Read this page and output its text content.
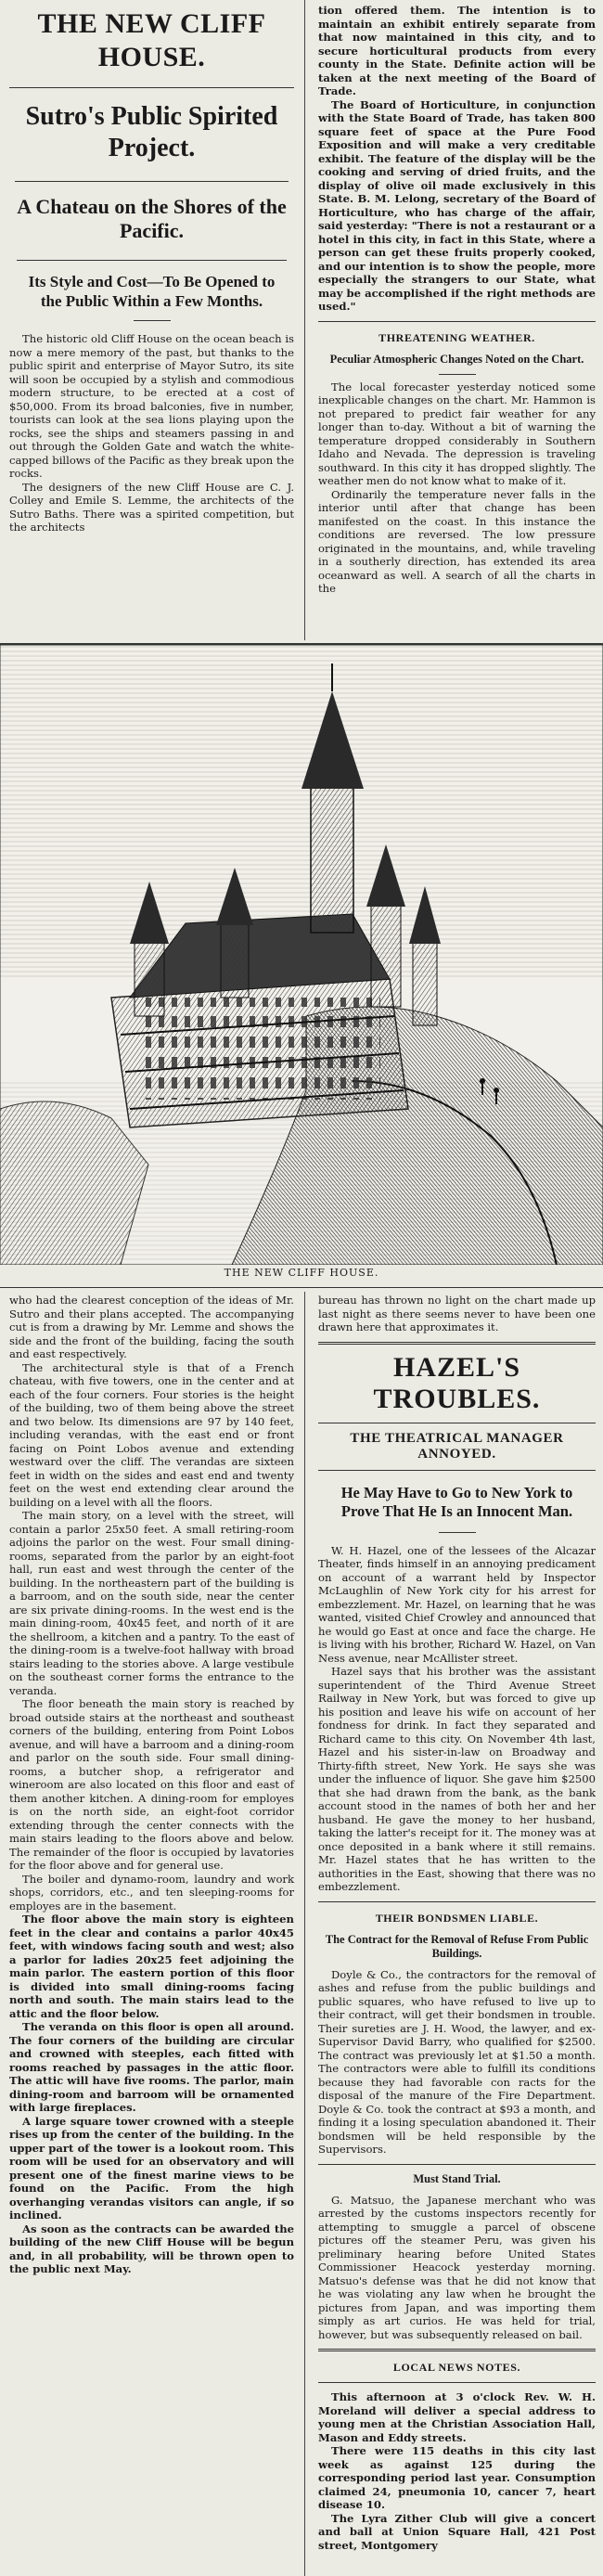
THE NEW CLIFF HOUSE.
Sutro's Public Spirited Project.
A Chateau on the Shores of the Pacific.
Its Style and Cost—To Be Opened to the Public Within a Few Months.

The historic old Cliff House on the ocean beach is now a mere memory of the past, but thanks to the public spirit and enterprise of Mayor Sutro, its site will soon be occupied by a stylish and commodious modern structure, to be erected at a cost of $50,000. From its broad balconies, five in number, tourists can look at the sea lions playing upon the rocks, see the ships and steamers passing in and out through the Golden Gate and watch the white-capped billows of the Pacific as they break upon the rocks.

The designers of the new Cliff House are C. J. Colley and Emile S. Lemme, the architects of the Sutro Baths. There was a spirited competition, but the architects

tion offered them. The intention is to maintain an exhibit entirely separate from that now maintained in this city, and to secure horticultural products from every county in the State. Definite action will be taken at the next meeting of the Board of Trade.

The Board of Horticulture, in conjunction with the State Board of Trade, has taken 800 square feet of space at the Pure Food Exposition and will make a very creditable exhibit. The feature of the display will be the cooking and serving of dried fruits, and the display of olive oil made exclusively in this State. B. M. Lelong, secretary of the Board of Horticulture, who has charge of the affair, said yesterday: "There is not a restaurant or a hotel in this city, in fact in this State, where a person can get these fruits properly cooked, and our intention is to show the people, more especially the strangers to our State, what may be accomplished if the right methods are used."

THREATENING WEATHER.
Peculiar Atmospheric Changes Noted on the Chart.

The local forecaster yesterday noticed some inexplicable changes on the chart. Mr. Hammon is not prepared to predict fair weather for any longer than to-day. Without a bit of warning the temperature dropped considerably in Southern Idaho and Nevada. The depression is traveling southward. In this city it has dropped slightly. The weather men do not know what to make of it.

Ordinarily the temperature never falls in the interior until after that change has been manifested on the coast. In this instance the conditions are reversed. The low pressure originated in the mountains, and, while traveling in a southerly direction, has extended its area oceanward as well. A search of all the charts in the

THE NEW CLIFF HOUSE.

who had the clearest conception of the ideas of Mr. Sutro and their plans accepted. The accompanying cut is from a drawing by Mr. Lemme and shows the side and the front of the building, facing the south and east respectively.

The architectural style is that of a French chateau, with five towers, one in the center and at each of the four corners. Four stories is the height of the building, two of them being above the street and two below. Its dimensions are 97 by 140 feet, including verandas, with the east end or front facing on Point Lobos avenue and extending westward over the cliff. The verandas are sixteen feet in width on the sides and east end and twenty feet on the west end extending clear around the building on a level with all the floors.

The main story, on a level with the street, will contain a parlor 25x50 feet. A small retiring-room adjoins the parlor on the west. Four small dining-rooms, separated from the parlor by an eight-foot hall, run east and west through the center of the building. In the northeastern part of the building is a barroom, and on the south side, near the center are six private dining-rooms. In the west end is the main dining-room, 40x45 feet, and north of it are the shellroom, a kitchen and a pantry. To the east of the dining-room is a twelve-foot hallway with broad stairs leading to the stories above. A large vestibule on the southeast corner forms the entrance to the veranda.

The floor beneath the main story is reached by broad outside stairs at the northeast and southeast corners of the building, entering from Point Lobos avenue, and will have a barroom and a dining-room and parlor on the south side. Four small dining-rooms, a butcher shop, a refrigerator and wineroom are also located on this floor and east of them another kitchen. A dining-room for employes is on the north side, an eight-foot corridor extending through the center connects with the main stairs leading to the floors above and below. The remainder of the floor is occupied by lavatories for the floor above and for general use.

The boiler and dynamo-room, laundry and work shops, corridors, etc., and ten sleeping-rooms for employes are in the basement.

The floor above the main story is eighteen feet in the clear and contains a parlor 40x45 feet, with windows facing south and west; also a parlor for ladies 20x25 feet adjoining the main parlor. The eastern portion of this floor is divided into small dining-rooms facing north and south. The main stairs lead to the attic and the floor below.

The veranda on this floor is open all around. The four corners of the building are circular and crowned with steeples, each fitted with rooms reached by passages in the attic floor. The attic will have five rooms. The parlor, main dining-room and barroom will be ornamented with large fireplaces.

A large square tower crowned with a steeple rises up from the center of the building. In the upper part of the tower is a lookout room. This room will be used for an observatory and will present one of the finest marine views to be found on the Pacific. From the high overhanging verandas visitors can angle, if so inclined.

As soon as the contracts can be awarded the building of the new Cliff House will be begun and, in all probability, will be thrown open to the public next May.

bureau has thrown no light on the chart made up last night as there seems never to have been one drawn here that approximates it.

HAZEL'S TROUBLES.
THE THEATRICAL MANAGER ANNOYED.
He May Have to Go to New York to Prove That He Is an Innocent Man.

W. H. Hazel, one of the lessees of the Alcazar Theater, finds himself in an annoying predicament on account of a warrant held by Inspector McLaughlin of New York city for his arrest for embezzlement. Mr. Hazel, on learning that he was wanted, visited Chief Crowley and announced that he would go East at once and face the charge. He is living with his brother, Richard W. Hazel, on Van Ness avenue, near McAllister street.

Hazel says that his brother was the assistant superintendent of the Third Avenue Street Railway in New York, but was forced to give up his position and leave his wife on account of her fondness for drink. In fact they separated and Richard came to this city. On November 4th last, Hazel and his sister-in-law on Broadway and Thirty-fifth street, New York. He says she was under the influence of liquor. She gave him $2500 that she had drawn from the bank, as the bank account stood in the names of both her and her husband. He gave the money to her husband, taking the latter's receipt for it. The money was at once deposited in a bank where it still remains. Mr. Hazel states that he has written to the authorities in the East, showing that there was no embezzlement.

THEIR BONDSMEN LIABLE.
The Contract for the Removal of Refuse From Public Buildings.

Doyle & Co., the contractors for the removal of ashes and refuse from the public buildings and public squares, who have refused to live up to their contract, will get their bondsmen in trouble. Their sureties are J. H. Wood, the lawyer, and ex-Supervisor David Barry, who qualified for $2500. The contract was previously let at $1.50 a month. The contractors were able to fulfill its conditions because they had favorable con racts for the disposal of the manure of the Fire Department. Doyle & Co. took the contract at $93 a month, and finding it a losing speculation abandoned it. Their bondsmen will be held responsible by the Supervisors.

Must Stand Trial.

G. Matsuo, the Japanese merchant who was arrested by the customs inspectors recently for attempting to smuggle a parcel of obscene pictures off the steamer Peru, was given his preliminary hearing before United States Commissioner Heacock yesterday morning. Matsuo's defense was that he did not know that he was violating any law when he brought the pictures from Japan, and was importing them simply as art curios. He was held for trial, however, but was subsequently released on bail.

LOCAL NEWS NOTES.

This afternoon at 3 o'clock Rev. W. H. Moreland will deliver a special address to young men at the Christian Association Hall, Mason and Eddy streets.

There were 115 deaths in this city last week as against 125 during the corresponding period last year. Consumption claimed 24, pneumonia 10, cancer 7, heart disease 10.

The Lyra Zither Club will give a concert and ball at Union Square Hall, 421 Post street, Montgomery
